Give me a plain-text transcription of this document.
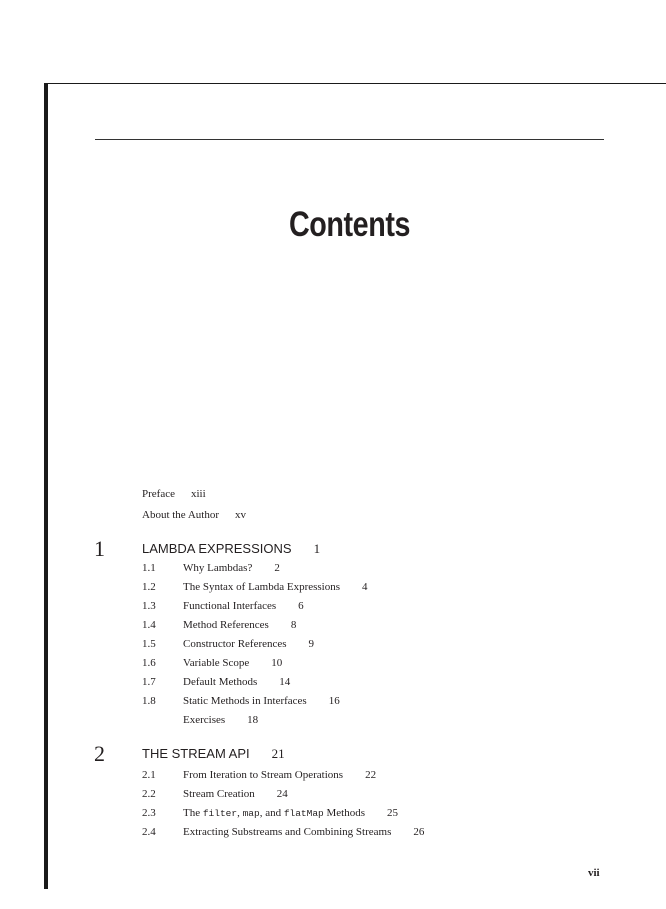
Contents
Preface xiii
About the Author xv
1	LAMBDA EXPRESSIONS 1
1.1 Why Lambdas? 2
1.2 The Syntax of Lambda Expressions 4
1.3 Functional Interfaces 6
1.4 Method References 8
1.5 Constructor References 9
1.6 Variable Scope 10
1.7 Default Methods 14
1.8 Static Methods in Interfaces 16
Exercises 18
2	THE STREAM API 21
2.1 From Iteration to Stream Operations 22
2.2 Stream Creation 24
2.3 The filter, map, and flatMap Methods 25
2.4 Extracting Substreams and Combining Streams 26
vii
